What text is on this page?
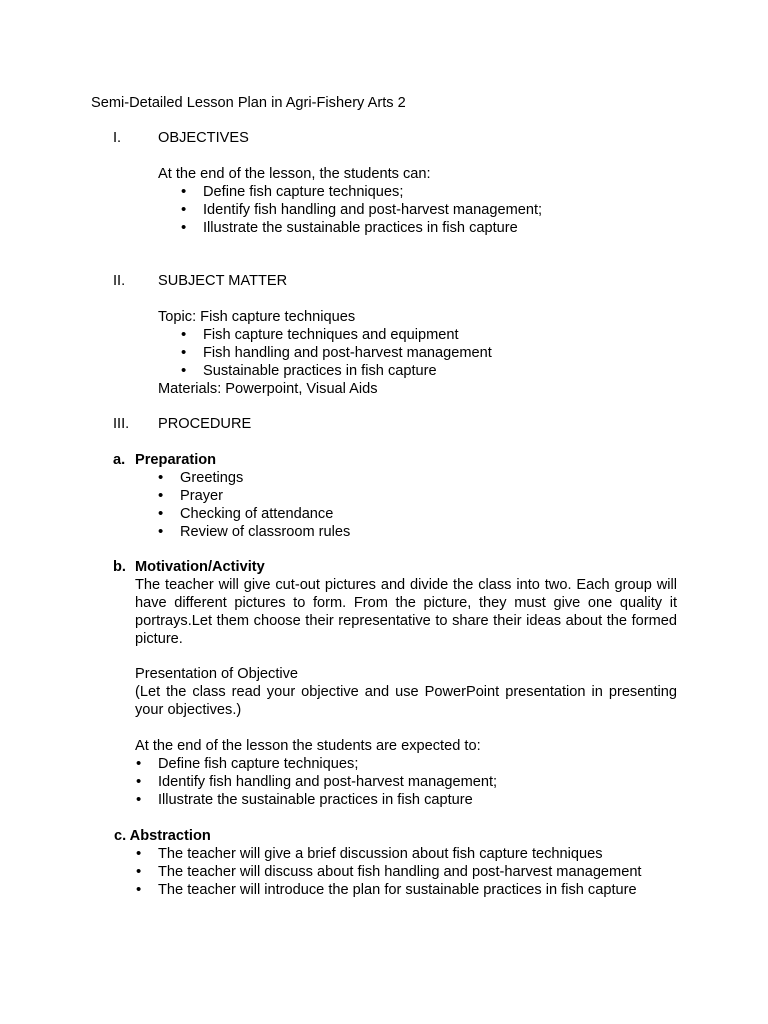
Semi-Detailed Lesson Plan in Agri-Fishery Arts 2
I.	OBJECTIVES
At the end of the lesson, the students can:
• Define fish capture techniques;
• Identify fish handling and post-harvest management;
• Illustrate the sustainable practices in fish capture
II. SUBJECT MATTER
Topic: Fish capture techniques
• Fish capture techniques and equipment
• Fish handling and post-harvest management
• Sustainable practices in fish capture
Materials: Powerpoint, Visual Aids
III. PROCEDURE
a. Preparation
• Greetings
• Prayer
• Checking of attendance
• Review of classroom rules
b. Motivation/Activity
The teacher will give cut-out pictures and divide the class into two. Each group will have different pictures to form. From the picture, they must give one quality it portrays.Let them choose their representative to share their ideas about the formed picture.
Presentation of Objective
(Let the class read your objective and use PowerPoint presentation in presenting your objectives.)
At the end of the lesson the students are expected to:
• Define fish capture techniques;
• Identify fish handling and post-harvest management;
• Illustrate the sustainable practices in fish capture
c. Abstraction
• The teacher will give a brief discussion about fish capture techniques
• The teacher will discuss about fish handling and post-harvest management
• The teacher will introduce the plan for sustainable practices in fish capture
